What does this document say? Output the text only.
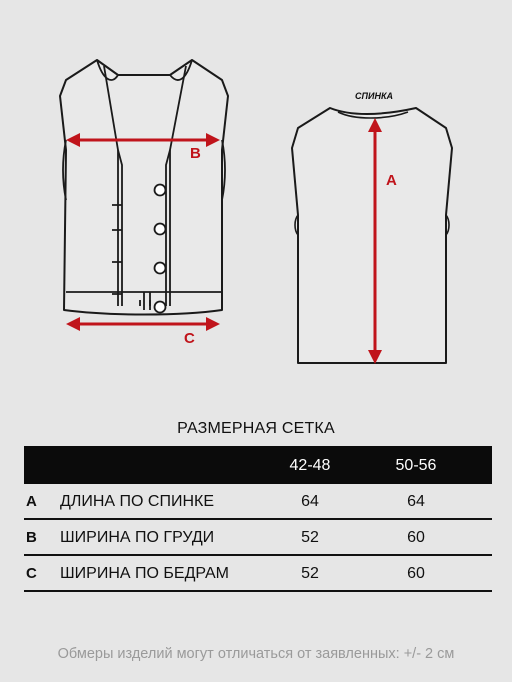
B
C
A
СПИНКА
РАЗМЕРНАЯ СЕТКА
42-48	50-56
A ДЛИНА ПО СПИНКЕ	64	64
B ШИРИНА ПО ГРУДИ	52	60
C ШИРИНА ПО БЕДРАМ	52	60
Обмеры изделий могут отличаться от заявленных: +/- 2 см
